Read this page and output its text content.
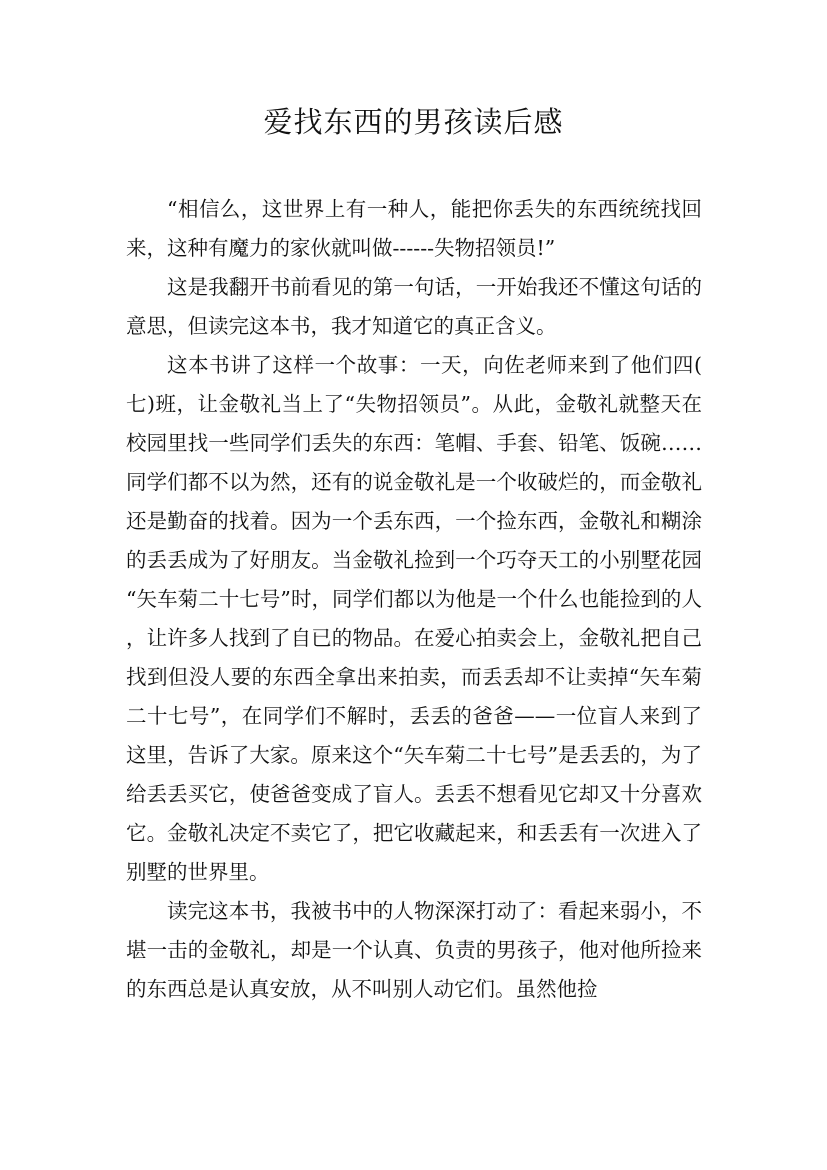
爱找东西的男孩读后感

“相信么，这世界上有一种人，能把你丢失的东西统统找回来，这种有魔力的家伙就叫做------失物招领员!”

这是我翻开书前看见的第一句话，一开始我还不懂这句话的意思，但读完这本书，我才知道它的真正含义。

这本书讲了这样一个故事：一天，向佐老师来到了他们四(七)班，让金敬礼当上了“失物招领员”。从此，金敬礼就整天在校园里找一些同学们丢失的东西：笔帽、手套、铅笔、饭碗……同学们都不以为然，还有的说金敬礼是一个收破烂的，而金敬礼还是勤奋的找着。因为一个丢东西，一个捡东西，金敬礼和糊涂的丢丢成为了好朋友。当金敬礼捡到一个巧夺天工的小别墅花园“矢车菊二十七号”时，同学们都以为他是一个什么也能捡到的人，让许多人找到了自已的物品。在爱心拍卖会上，金敬礼把自己找到但没人要的东西全拿出来拍卖，而丢丢却不让卖掉“矢车菊二十七号”，在同学们不解时，丢丢的爸爸——一位盲人来到了这里，告诉了大家。原来这个“矢车菊二十七号”是丢丢的，为了给丢丢买它，使爸爸变成了盲人。丢丢不想看见它却又十分喜欢它。金敬礼决定不卖它了，把它收藏起来，和丢丢有一次进入了别墅的世界里。

读完这本书，我被书中的人物深深打动了：看起来弱小，不堪一击的金敬礼，却是一个认真、负责的男孩子，他对他所捡来的东西总是认真安放，从不叫别人动它们。虽然他捡
